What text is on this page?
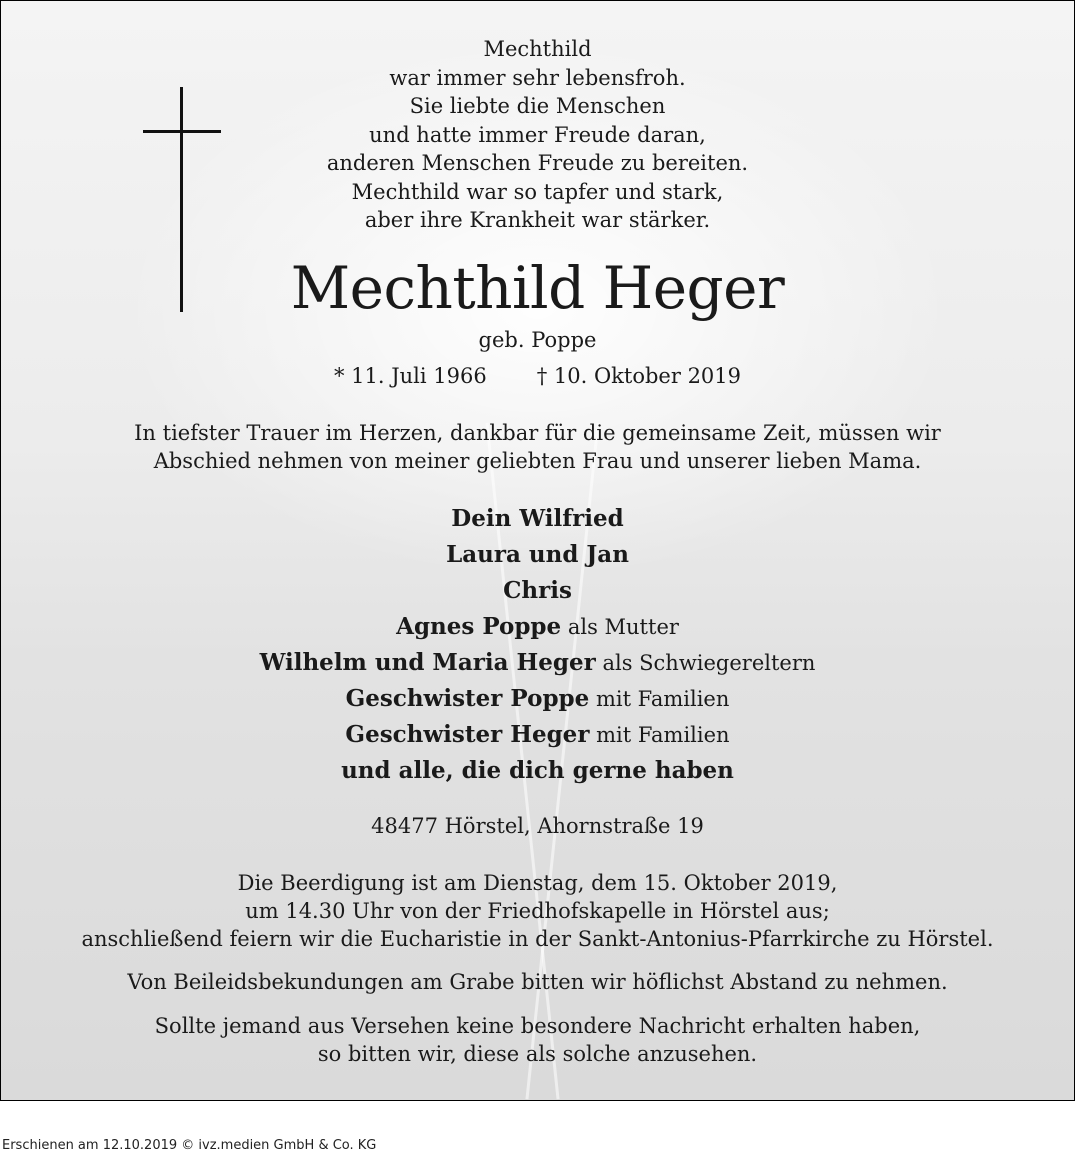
Mechthild
war immer sehr lebensfroh.
Sie liebte die Menschen
und hatte immer Freude daran,
anderen Menschen Freude zu bereiten.
Mechthild war so tapfer und stark,
aber ihre Krankheit war stärker.
Mechthild Heger
geb. Poppe
* 11. Juli 1966 † 10. Oktober 2019
In tiefster Trauer im Herzen, dankbar für die gemeinsame Zeit, müssen wir
Abschied nehmen von meiner geliebten Frau und unserer lieben Mama.
Dein Wilfried
Laura und Jan
Chris
Agnes Poppe als Mutter
Wilhelm und Maria Heger als Schwiegereltern
Geschwister Poppe mit Familien
Geschwister Heger mit Familien
und alle, die dich gerne haben
48477 Hörstel, Ahornstraße 19
Die Beerdigung ist am Dienstag, dem 15. Oktober 2019,
um 14.30 Uhr von der Friedhofskapelle in Hörstel aus;
anschließend feiern wir die Eucharistie in der Sankt-Antonius-Pfarrkirche zu Hörstel.
Von Beileidsbekundungen am Grabe bitten wir höflichst Abstand zu nehmen.
Sollte jemand aus Versehen keine besondere Nachricht erhalten haben,
so bitten wir, diese als solche anzusehen.
Erschienen am 12.10.2019 © ivz.medien GmbH & Co. KG
